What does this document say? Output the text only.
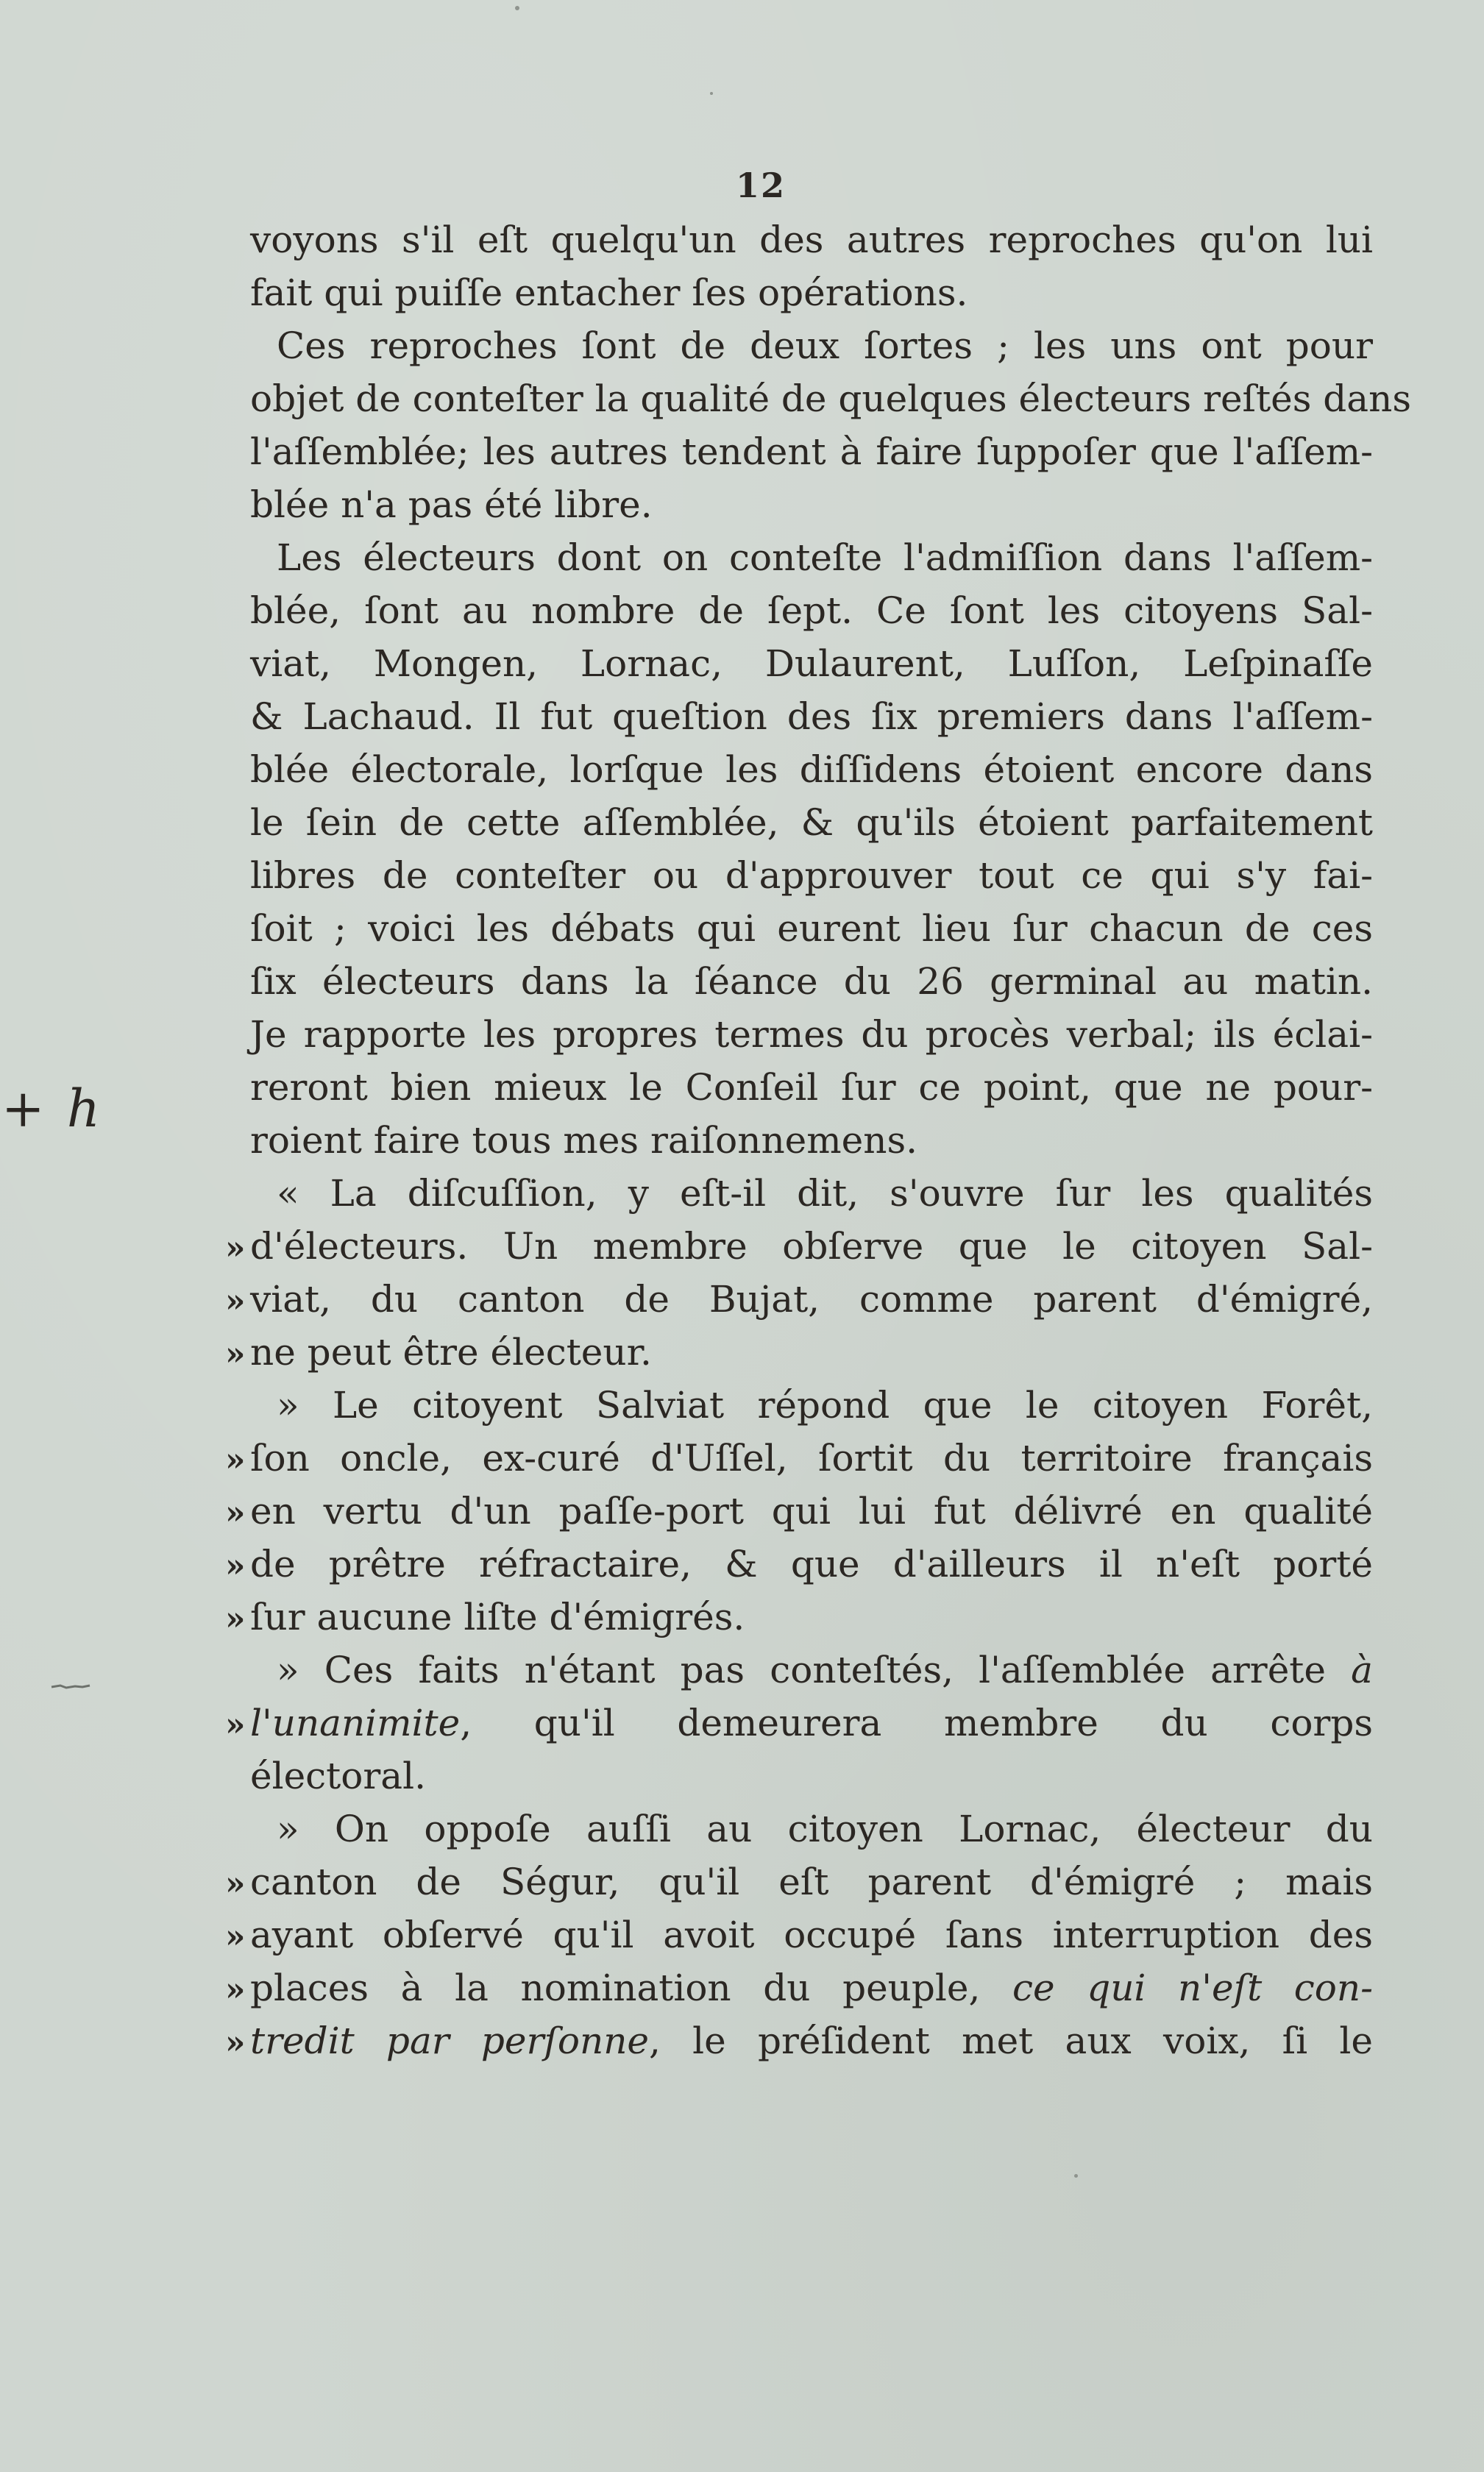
12
+ h
voyons s'il eſt quelqu'un des autres reproches qu'on lui
fait qui puiſſe entacher ſes opérations.
Ces reproches ſont de deux ſortes ; les uns ont pour
objet de conteſter la qualité de quelques électeurs reſtés dans
l'aſſemblée; les autres tendent à faire ſuppoſer que l'aſſem-
blée n'a pas été libre.
Les électeurs dont on conteſte l'admiſſion dans l'aſſem-
blée, ſont au nombre de ſept. Ce ſont les citoyens Sal-
viat, Mongen, Lornac, Dulaurent, Luſſon, Leſpinaſſe
& Lachaud. Il fut queſtion des ſix premiers dans l'aſſem-
blée électorale, lorſque les diſſidens étoient encore dans
le ſein de cette aſſemblée, & qu'ils étoient parfaitement
libres de conteſter ou d'approuver tout ce qui s'y fai-
ſoit ; voici les débats qui eurent lieu ſur chacun de ces
ſix électeurs dans la ſéance du 26 germinal au matin.
Je rapporte les propres termes du procès verbal; ils éclai-
reront bien mieux le Conſeil ſur ce point, que ne pour-
roient faire tous mes raiſonnemens.
« La diſcuſſion, y eſt-il dit, s'ouvre ſur les qualités
» d'électeurs. Un membre obſerve que le citoyen Sal-
» viat, du canton de Bujat, comme parent d'émigré,
» ne peut être électeur.
» Le citoyent Salviat répond que le citoyen Forêt,
» ſon oncle, ex-curé d'Uſſel, ſortit du territoire français
» en vertu d'un paſſe-port qui lui fut délivré en qualité
» de prêtre réfractaire, & que d'ailleurs il n'eſt porté
» ſur aucune liſte d'émigrés.
» Ces faits n'étant pas conteſtés, l'aſſemblée arrête à
» l'unanimite, qu'il demeurera membre du corps
électoral.
» On oppoſe auſſi au citoyen Lornac, électeur du
» canton de Ségur, qu'il eſt parent d'émigré ; mais
» ayant obſervé qu'il avoit occupé ſans interruption des
» places à la nomination du peuple, ce qui n'eſt con-
» tredit par perſonne, le préſident met aux voix, ſi le
